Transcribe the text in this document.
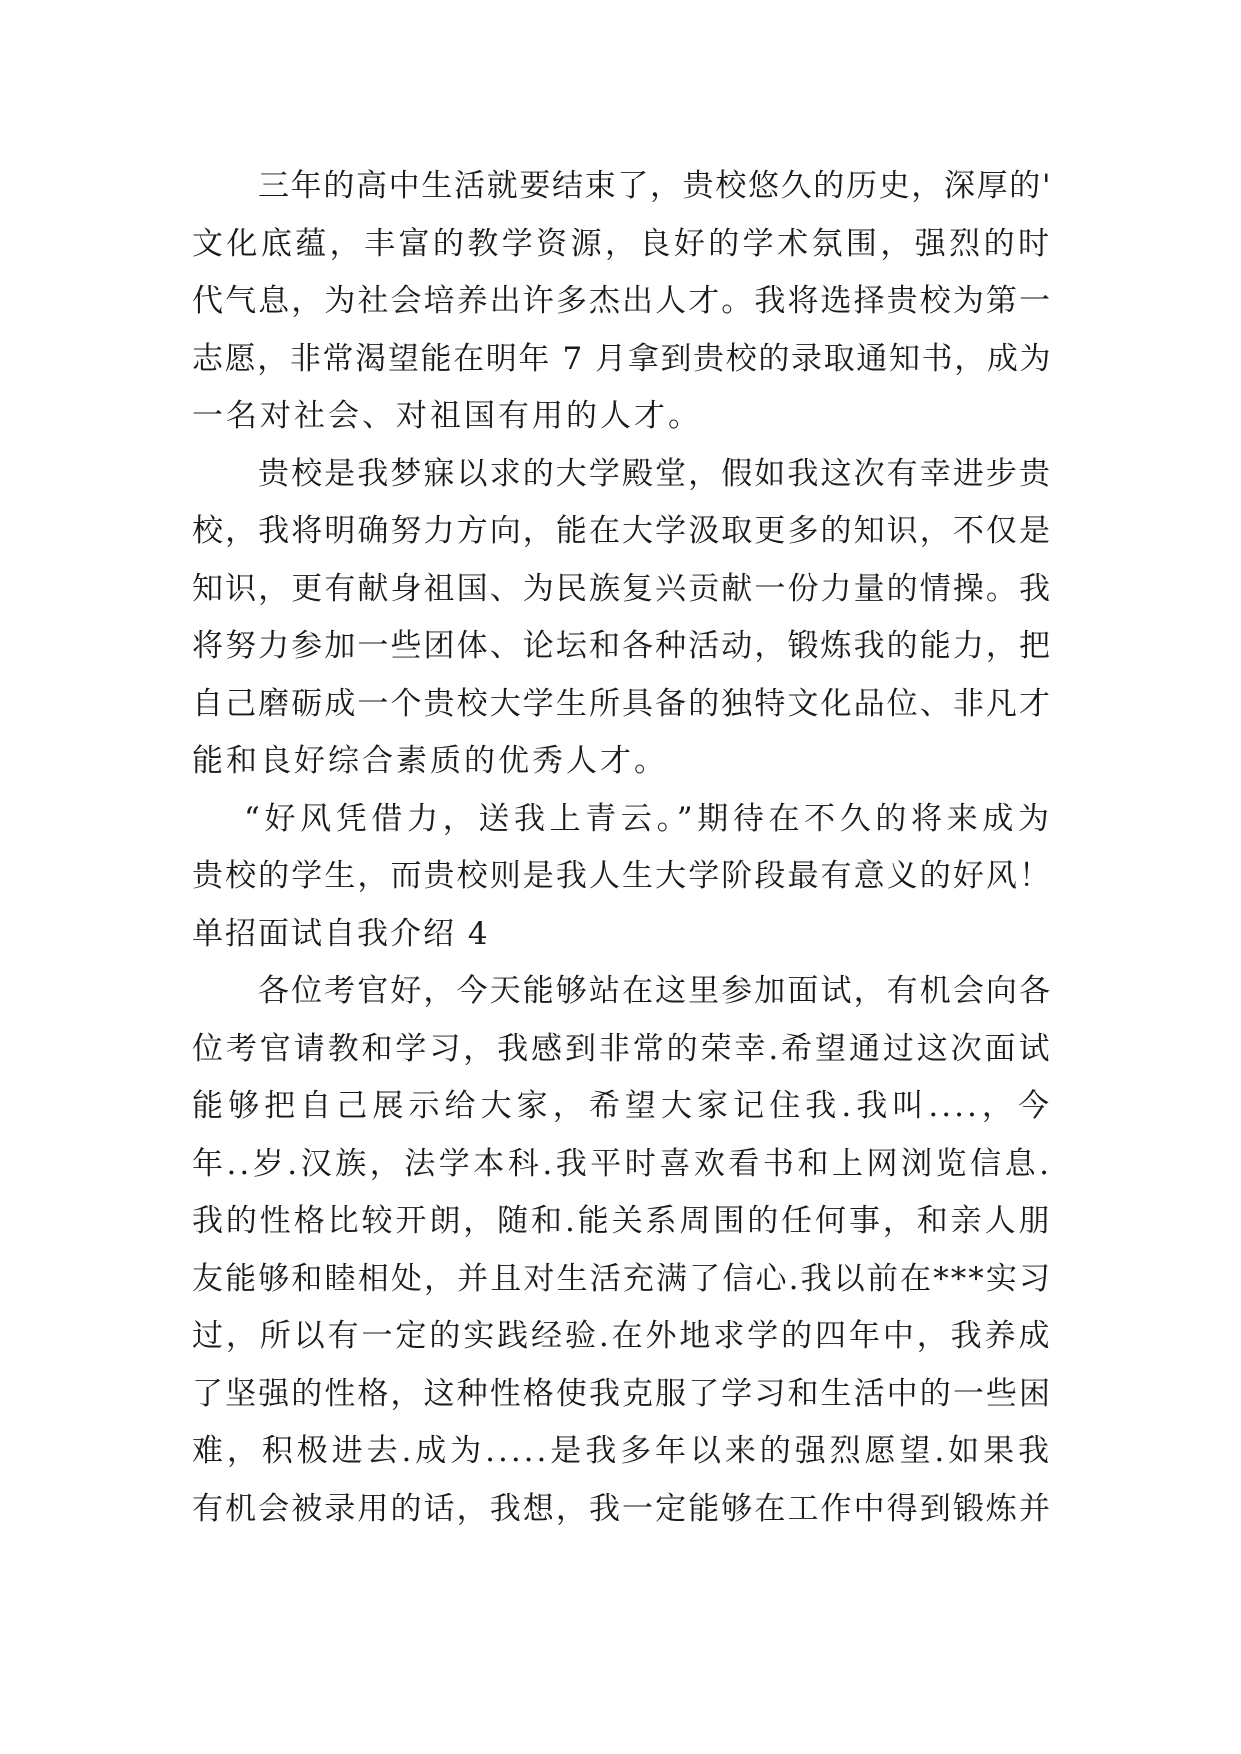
三年的高中生活就要结束了，贵校悠久的历史，深厚的'
文化底蕴，丰富的教学资源，良好的学术氛围，强烈的时
代气息，为社会培养出许多杰出人才。我将选择贵校为第一
志愿，非常渴望能在明年 7 月拿到贵校的录取通知书，成为
一名对社会、对祖国有用的人才。
贵校是我梦寐以求的大学殿堂，假如我这次有幸进步贵
校，我将明确努力方向，能在大学汲取更多的知识，不仅是
知识，更有献身祖国、为民族复兴贡献一份力量的情操。我
将努力参加一些团体、论坛和各种活动，锻炼我的能力，把
自己磨砺成一个贵校大学生所具备的独特文化品位、非凡才
能和良好综合素质的优秀人才。
“好风凭借力，送我上青云。”期待在不久的将来成为
贵校的学生，而贵校则是我人生大学阶段最有意义的好风！
单招面试自我介绍 4
各位考官好，今天能够站在这里参加面试，有机会向各
位考官请教和学习，我感到非常的荣幸.希望通过这次面试
能够把自己展示给大家，希望大家记住我.我叫....，今
年..岁.汉族，法学本科.我平时喜欢看书和上网浏览信息.
我的性格比较开朗，随和.能关系周围的任何事，和亲人朋
友能够和睦相处，并且对生活充满了信心.我以前在***实习
过，所以有一定的实践经验.在外地求学的四年中，我养成
了坚强的性格，这种性格使我克服了学习和生活中的一些困
难，积极进去.成为.....是我多年以来的强烈愿望.如果我
有机会被录用的话，我想，我一定能够在工作中得到锻炼并
